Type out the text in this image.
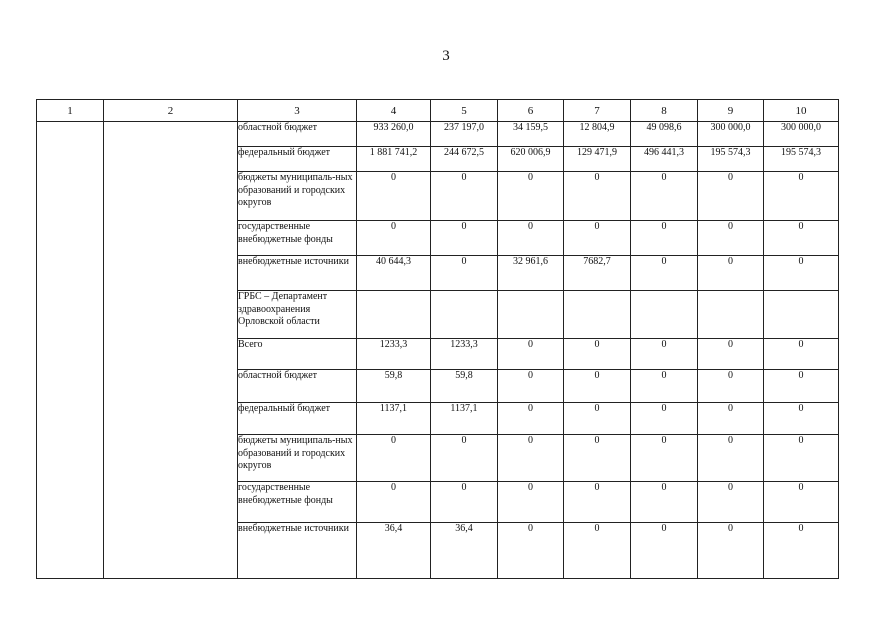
3
1	2	3	4	5	6	7	8	9	10
		областной бюджет	933 260,0	237 197,0	34 159,5	12 804,9	49 098,6	300 000,0	300 000,0
		федеральный бюджет	1 881 741,2	244 672,5	620 006,9	129 471,9	496 441,3	195 574,3	195 574,3
		бюджеты муниципаль-ных образований и городских округов	0	0	0	0	0	0	0
		государственные внебюджетные фонды	0	0	0	0	0	0	0
		внебюджетные источники	40 644,3	0	32 961,6	7682,7	0	0	0
		ГРБС – Департамент здравоохранения Орловской области							
		Всего	1233,3	1233,3	0	0	0	0	0
		областной бюджет	59,8	59,8	0	0	0	0	0
		федеральный бюджет	1137,1	1137,1	0	0	0	0	0
		бюджеты муниципаль-ных образований и городских округов	0	0	0	0	0	0	0
		государственные внебюджетные фонды	0	0	0	0	0	0	0
		внебюджетные источники	36,4	36,4	0	0	0	0	0
